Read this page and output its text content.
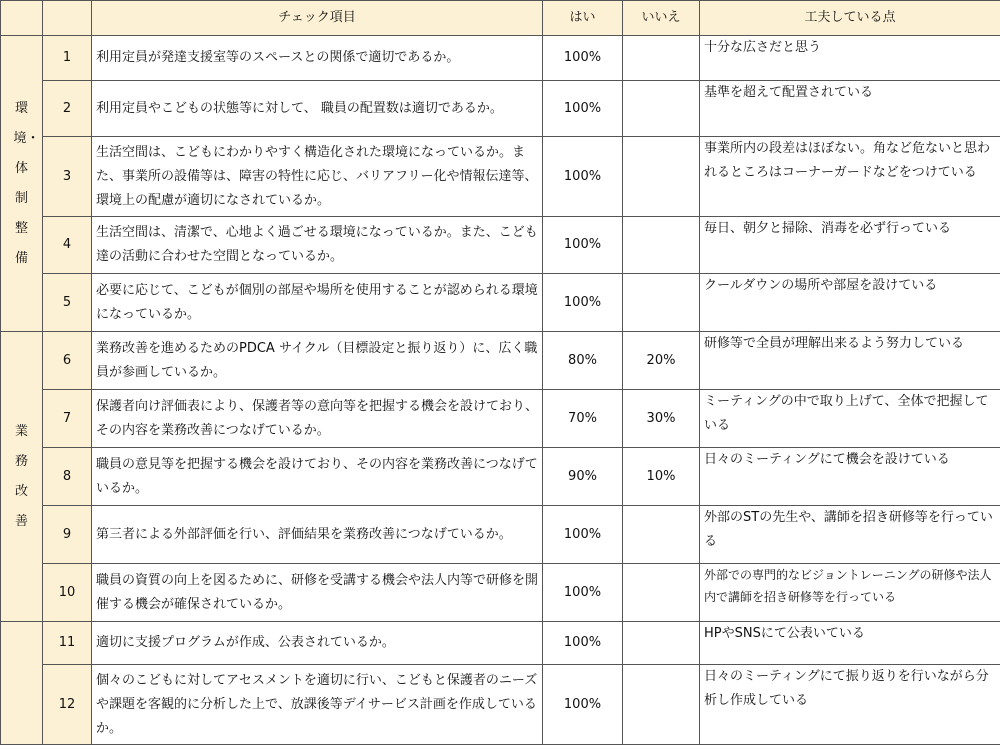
		チェック項目	はい	いいえ	工夫している点

環境・体制整備	1	利用定員が発達支援室等のスペースとの関係で適切であるか。	100%		十分な広さだと思う
	2	利用定員やこどもの状態等に対して、 職員の配置数は適切であるか。	100%		基準を超えて配置されている
	3	生活空間は、こどもにわかりやすく構造化された環境になっているか。また、事業所の設備等は、障害の特性に応じ、バリアフリー化や情報伝達等、環境上の配慮が適切になされているか。	100%		事業所内の段差はほぼない。角など危ないと思われるところはコーナーガードなどをつけている
	4	生活空間は、清潔で、心地よく過ごせる環境になっているか。また、こども達の活動に合わせた空間となっているか。	100%		毎日、朝夕と掃除、消毒を必ず行っている
	5	必要に応じて、こどもが個別の部屋や場所を使用することが認められる環境になっているか。	100%		クールダウンの場所や部屋を設けている

業務改善	6	業務改善を進めるためのPDCA サイクル（目標設定と振り返り）に、広く職員が参画しているか。	80%	20%	研修等で全員が理解出来るよう努力している
	7	保護者向け評価表により、保護者等の意向等を把握する機会を設けており、その内容を業務改善につなげているか。	70%	30%	ミーティングの中で取り上げて、全体で把握している
	8	職員の意見等を把握する機会を設けており、その内容を業務改善につなげているか。	90%	10%	日々のミーティングにて機会を設けている
	9	第三者による外部評価を行い、評価結果を業務改善につなげているか。	100%		外部のSTの先生や、講師を招き研修等を行っている
	10	職員の資質の向上を図るために、研修を受講する機会や法人内等で研修を開催する機会が確保されているか。	100%		外部での専門的なビジョントレーニングの研修や法人内で講師を招き研修等を行っている

	11	適切に支援プログラムが作成、公表されているか。	100%		HPやSNSにて公表いている
	12	個々のこどもに対してアセスメントを適切に行い、こどもと保護者のニーズや課題を客観的に分析した上で、放課後等デイサービス計画を作成しているか。	100%		日々のミーティングにて振り返りを行いながら分析し作成している
